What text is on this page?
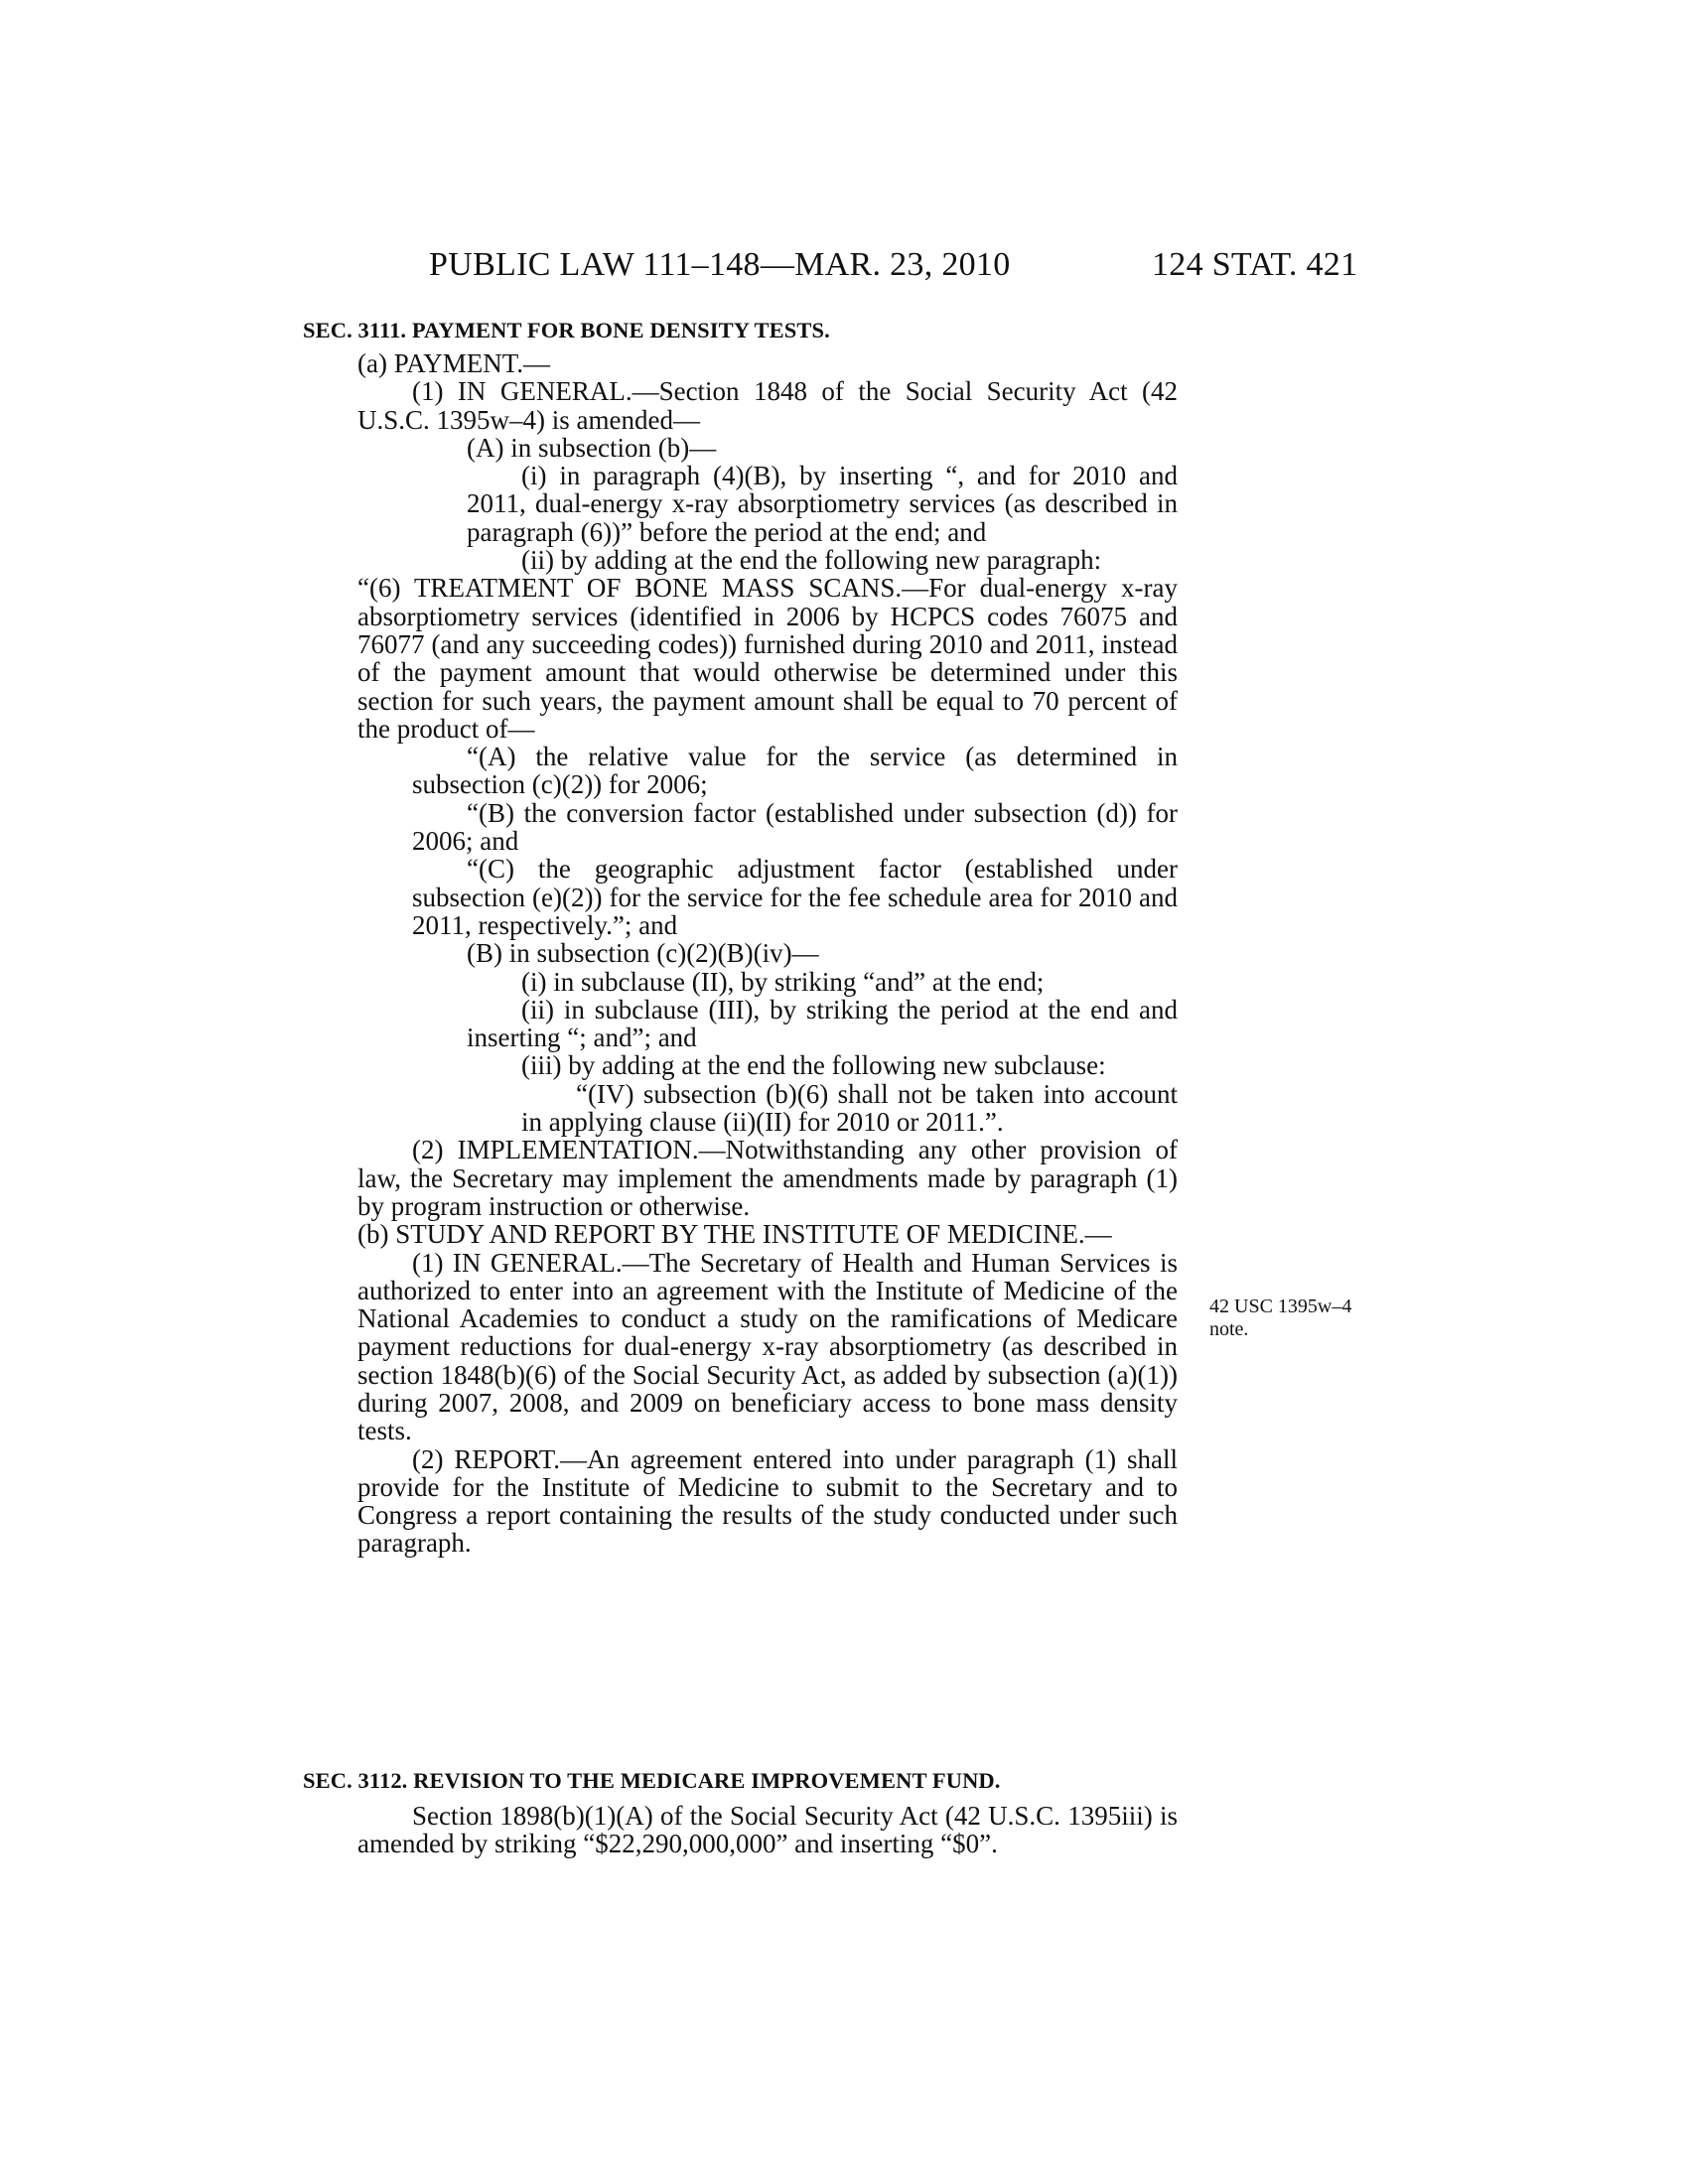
PUBLIC LAW 111–148—MAR. 23, 2010	124 STAT. 421
SEC. 3111. PAYMENT FOR BONE DENSITY TESTS.

(a) PAYMENT.—

(1) IN GENERAL.—Section 1848 of the Social Security Act (42 U.S.C. 1395w–4) is amended—

(A) in subsection (b)—

(i) in paragraph (4)(B), by inserting “, and for 2010 and 2011, dual-energy x-ray absorptiometry services (as described in paragraph (6))” before the period at the end; and

(ii) by adding at the end the following new paragraph:

“(6) TREATMENT OF BONE MASS SCANS.—For dual-energy x-ray absorptiometry services (identified in 2006 by HCPCS codes 76075 and 76077 (and any succeeding codes)) furnished during 2010 and 2011, instead of the payment amount that would otherwise be determined under this section for such years, the payment amount shall be equal to 70 percent of the product of—

“(A) the relative value for the service (as determined in subsection (c)(2)) for 2006;

“(B) the conversion factor (established under subsection (d)) for 2006; and

“(C) the geographic adjustment factor (established under subsection (e)(2)) for the service for the fee schedule area for 2010 and 2011, respectively.”; and

(B) in subsection (c)(2)(B)(iv)—

(i) in subclause (II), by striking “and” at the end;

(ii) in subclause (III), by striking the period at the end and inserting “; and”; and

(iii) by adding at the end the following new subclause:

“(IV) subsection (b)(6) shall not be taken into account in applying clause (ii)(II) for 2010 or 2011.”.

(2) IMPLEMENTATION.—Notwithstanding any other provision of law, the Secretary may implement the amendments made by paragraph (1) by program instruction or otherwise.

(b) STUDY AND REPORT BY THE INSTITUTE OF MEDICINE.—

(1) IN GENERAL.—The Secretary of Health and Human Services is authorized to enter into an agreement with the Institute of Medicine of the National Academies to conduct a study on the ramifications of Medicare payment reductions for dual-energy x-ray absorptiometry (as described in section 1848(b)(6) of the Social Security Act, as added by subsection (a)(1)) during 2007, 2008, and 2009 on beneficiary access to bone mass density tests.

(2) REPORT.—An agreement entered into under paragraph (1) shall provide for the Institute of Medicine to submit to the Secretary and to Congress a report containing the results of the study conducted under such paragraph.

42 USC 1395w–4 note.
SEC. 3112. REVISION TO THE MEDICARE IMPROVEMENT FUND.

Section 1898(b)(1)(A) of the Social Security Act (42 U.S.C. 1395iii) is amended by striking “$22,290,000,000” and inserting “$0”.
